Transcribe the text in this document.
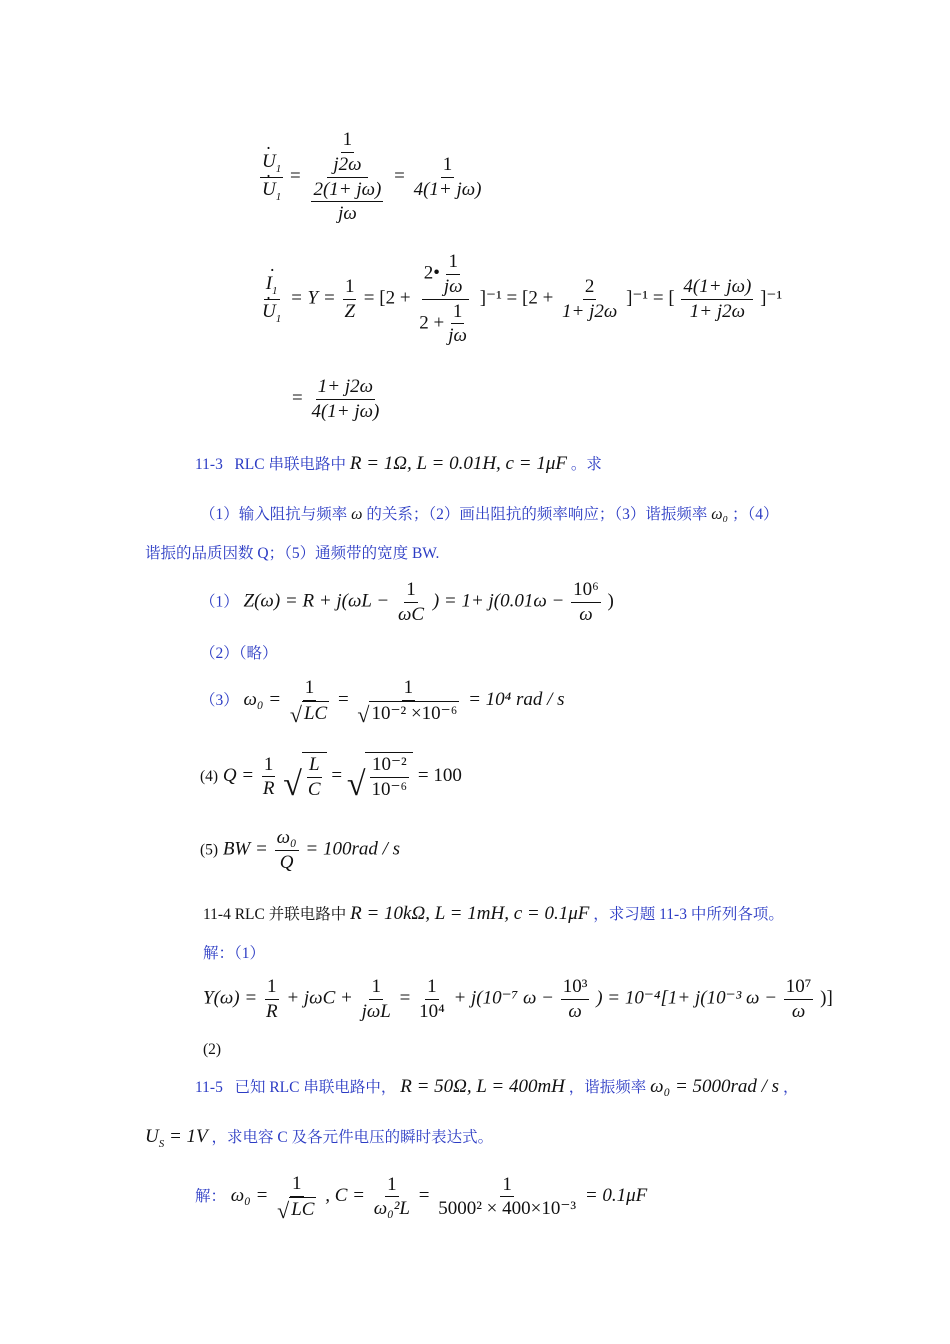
· $U_1$
· $U_1 = \frac{\frac{1}{j2\omega}}{\frac{2(1+ j\omega)}{j\omega}} = \frac{1}{4(1+ j\omega)}$
· $I_1$
· $U_1 = Y = \frac{1}{Z} = [2 + \frac{2• \frac{1}{j\omega}}{2 + \frac{1}{j\omega}} ]^{-1} = [2 + \frac{2}{1+ j2\omega} ]^{-1}$ = [ $\frac{4(1+ j\omega)}{1+ j2\omega} ]^{-1}$
= $\frac{1+ j2\omega}{4(1+ j\omega)}$
11-3 RLC 串联电路中 R = 1Ω, L = 0.01H, c = 1μF 。求
（1）输入阻抗与频率 ω 的关系；（2）画出阻抗的频率响应；（3）谐振频率 ω₀ ；（4）
谐振的品质因数 Q；（5）通频带的宽度 BW.
（1） $Z(\omega) = R + j(\omega L - \frac{1}{\omega C}$ ) = $1+ j(0.01\omega - \frac{\text{10⁶}}{\omega}$ )
（2）（略）
（3） $\omega_0 = \frac{1}{√ LC} = \frac{1}{\text{√ 10⁻² ×10⁻⁶}} = 10^4$ rad / s
(4) $Q = \frac{1}{R}$
√ $\frac{L}{C}$ = √ $\frac{\text{10⁻²}}{\text{10⁻⁶}} = 100$
(5) BW = $\frac{\text{ω₀}}{Q} = 100rad / s$
11-4 RLC 并联电路中 R = 10kΩ, L = 1mH, c = 0.1μF ，求习题 11-3 中所列各项。
解：（1）
$Y(\omega) = \frac{1}{R} + j\omega C + \frac{1}{\text{jωL}} = \frac{1}{\text{10⁴}} + j(10^{-7}$ $\omega - \frac{\text{10³}}{\omega}$ ) = 10⁻⁴[1+ j(10⁻³ $\omega - \frac{\text{10⁷}}{\omega}$ )]
(2)
11-5 已知 RLC 串联电路中， R = 50Ω, L = 400mH ，谐振频率 ω₀ = 5000rad / s ，
$U_S = 1V$ ，求电容 C 及各元件电压的瞬时表达式。
解： $\omega_0 = \frac{1}{√ LC}$ , $C = \frac{1}{\text{ω₀²L}} = \frac{1}{\text{5000² × 400×10⁻³}} = 0.1\mu F$
